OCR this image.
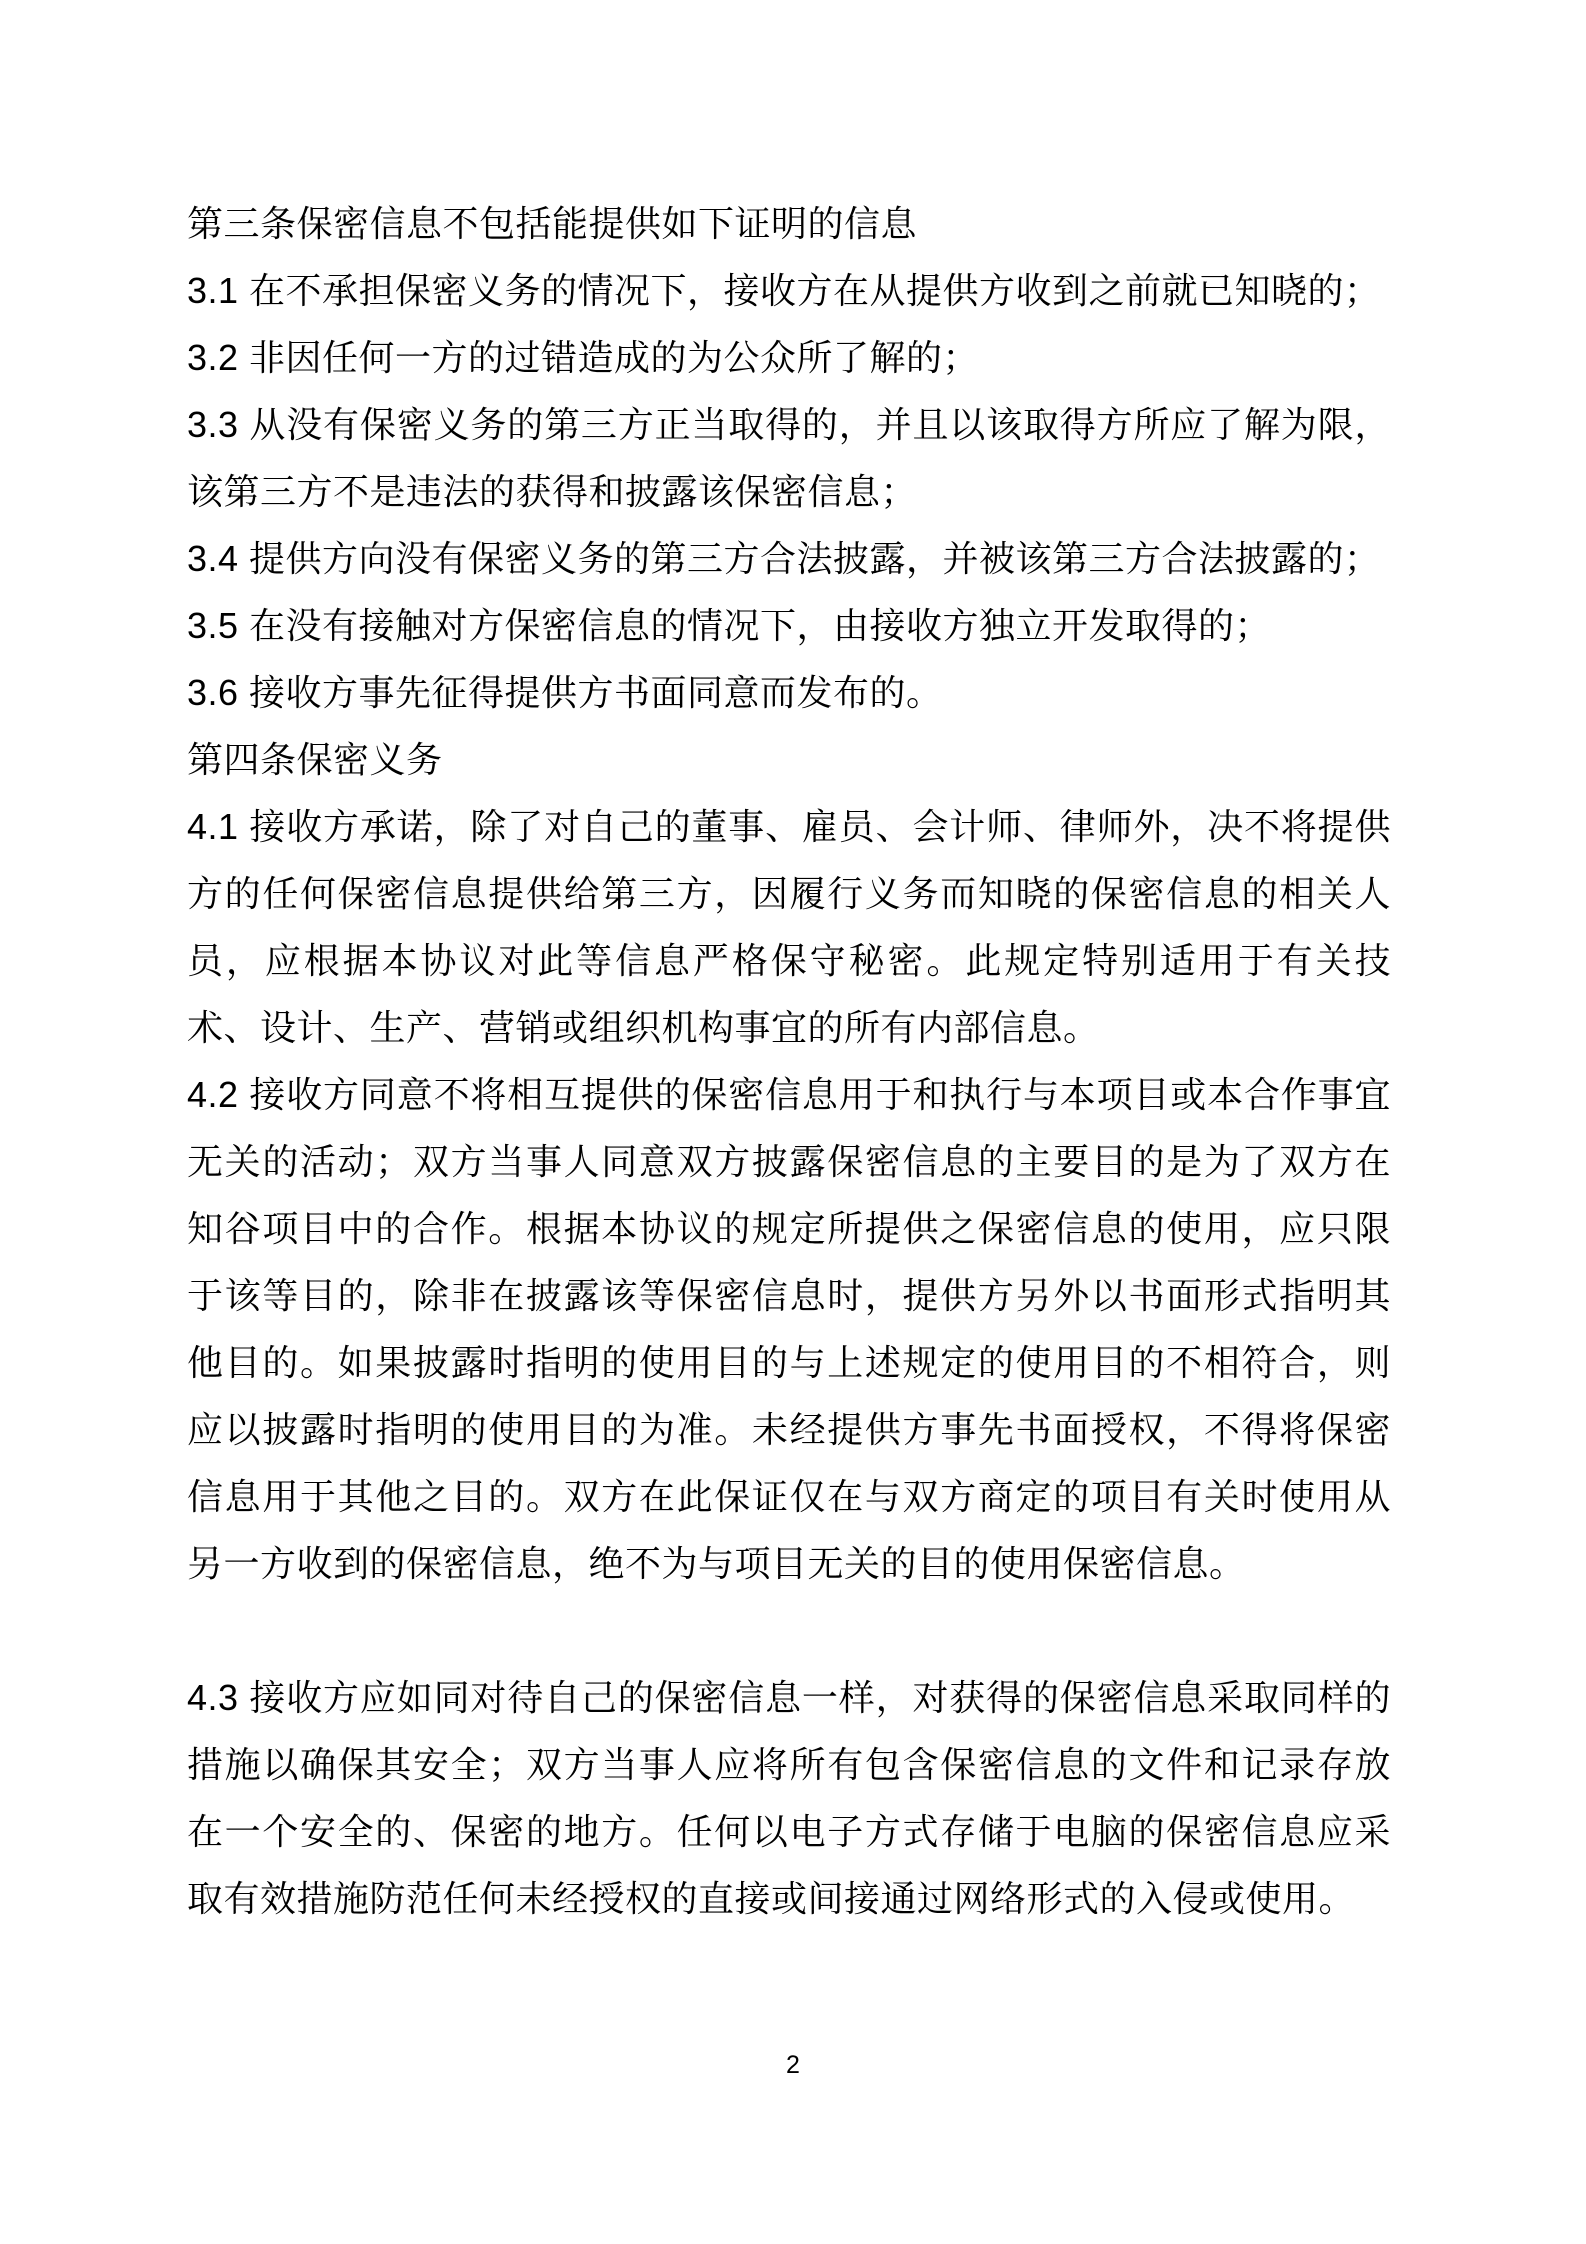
第三条保密信息不包括能提供如下证明的信息

3.1 在不承担保密义务的情况下，接收方在从提供方收到之前就已知晓的；

3.2 非因任何一方的过错造成的为公众所了解的；

3.3 从没有保密义务的第三方正当取得的，并且以该取得方所应了解为限，该第三方不是违法的获得和披露该保密信息；

3.4 提供方向没有保密义务的第三方合法披露，并被该第三方合法披露的；

3.5 在没有接触对方保密信息的情况下，由接收方独立开发取得的；

3.6 接收方事先征得提供方书面同意而发布的。

第四条保密义务

4.1 接收方承诺，除了对自己的董事、雇员、会计师、律师外，决不将提供方的任何保密信息提供给第三方，因履行义务而知晓的保密信息的相关人员，应根据本协议对此等信息严格保守秘密。此规定特别适用于有关技术、设计、生产、营销或组织机构事宜的所有内部信息。

4.2 接收方同意不将相互提供的保密信息用于和执行与本项目或本合作事宜无关的活动；双方当事人同意双方披露保密信息的主要目的是为了双方在知谷项目中的合作。根据本协议的规定所提供之保密信息的使用，应只限于该等目的，除非在披露该等保密信息时，提供方另外以书面形式指明其他目的。如果披露时指明的使用目的与上述规定的使用目的不相符合，则应以披露时指明的使用目的为准。未经提供方事先书面授权，不得将保密信息用于其他之目的。双方在此保证仅在与双方商定的项目有关时使用从另一方收到的保密信息，绝不为与项目无关的目的使用保密信息。

4.3 接收方应如同对待自己的保密信息一样，对获得的保密信息采取同样的措施以确保其安全；双方当事人应将所有包含保密信息的文件和记录存放在一个安全的、保密的地方。任何以电子方式存储于电脑的保密信息应采取有效措施防范任何未经授权的直接或间接通过网络形式的入侵或使用。

2
